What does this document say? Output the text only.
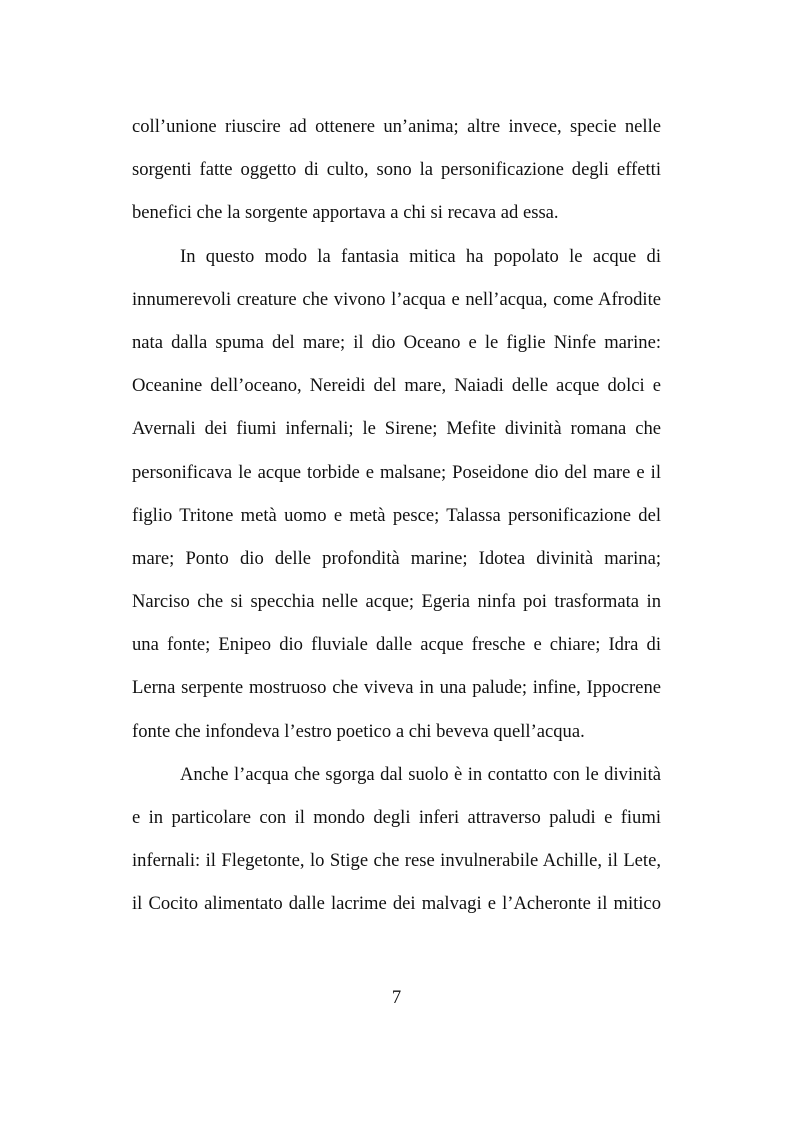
coll’unione riuscire ad ottenere un’anima; altre invece, specie nelle
sorgenti fatte oggetto di culto, sono la personificazione degli effetti
benefici che la sorgente apportava a chi si recava ad essa.
In questo modo la fantasia mitica ha popolato le acque di
innumerevoli creature che vivono l’acqua e nell’acqua, come Afrodite
nata dalla spuma del mare; il dio Oceano e le figlie Ninfe marine:
Oceanine dell’oceano, Nereidi del mare, Naiadi delle acque dolci e
Avernali dei fiumi infernali; le Sirene; Mefite divinità romana che
personificava le acque torbide e malsane; Poseidone dio del mare e il
figlio Tritone metà uomo e metà pesce; Talassa personificazione del
mare; Ponto dio delle profondità marine; Idotea divinità marina;
Narciso che si specchia nelle acque; Egeria ninfa poi trasformata in
una fonte; Enipeo dio fluviale dalle acque fresche e chiare; Idra di
Lerna serpente mostruoso che viveva in una palude; infine, Ippocrene
fonte che infondeva l’estro poetico a chi beveva quell’acqua.
Anche l’acqua che sgorga dal suolo è in contatto con le divinità
e in particolare con il mondo degli inferi attraverso paludi e fiumi
infernali: il Flegetonte, lo Stige che rese invulnerabile Achille, il Lete,
il Cocito alimentato dalle lacrime dei malvagi e l’Acheronte il mitico
7
